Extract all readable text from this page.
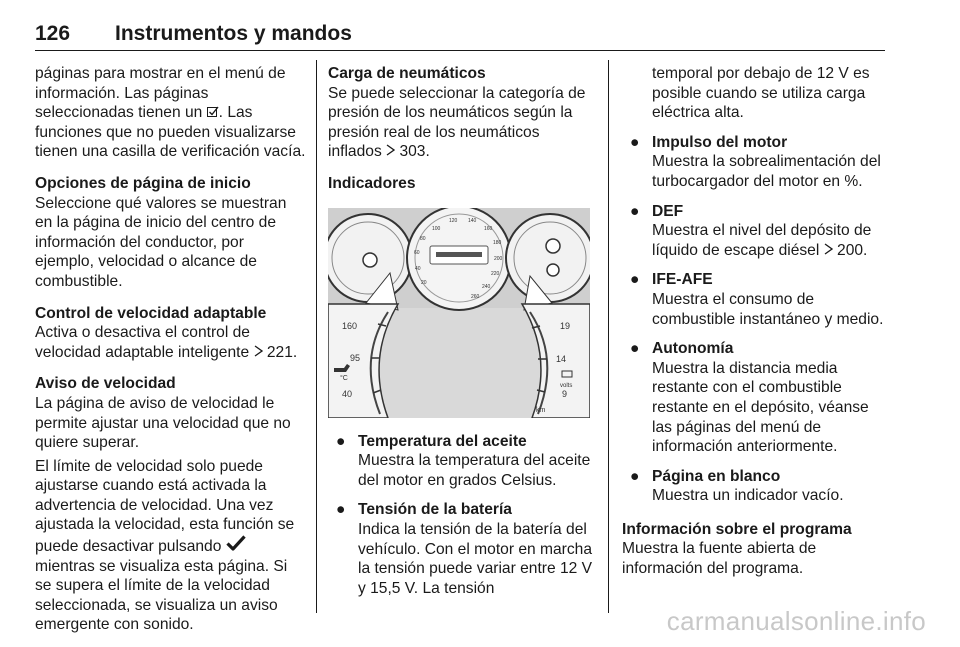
126 Instrumentos y mandos

páginas para mostrar en el menú de información. Las páginas seleccionadas tienen un . Las funciones que no pueden visualizarse tienen una casilla de verificación vacía.

Opciones de página de inicio
Seleccione qué valores se muestran en la página de inicio del centro de información del conductor, por ejemplo, velocidad o alcance de combustible.

Control de velocidad adaptable
Activa o desactiva el control de velocidad adaptable inteligente 221.

Aviso de velocidad
La página de aviso de velocidad le permite ajustar una velocidad que no quiere superar.

El límite de velocidad solo puede ajustarse cuando está activada la advertencia de velocidad. Una vez ajustada la velocidad, esta función se puede desactivar pulsando  mientras se visualiza esta página. Si se supera el límite de la velocidad seleccionada, se visualiza un aviso emergente con sonido.

Carga de neumáticos
Se puede seleccionar la categoría de presión de los neumáticos según la presión real de los neumáticos inflados 303.

Indicadores

100
120 140
160
180
200
220
240
260
80
60
40
20
160
95
40
°C
19
14
9
volts
km
● Temperatura del aceite
Muestra la temperatura del aceite del motor en grados Celsius.
● Tensión de la batería
Indica la tensión de la batería del vehículo. Con el motor en marcha la tensión puede variar entre 12 V y 15,5 V. La tensión
temporal por debajo de 12 V es posible cuando se utiliza carga eléctrica alta.
● Impulso del motor
Muestra la sobrealimentación del turbocargador del motor en %.
● DEF
Muestra el nivel del depósito de líquido de escape diésel 200.
● IFE-AFE
Muestra el consumo de combustible instantáneo y medio.
● Autonomía
Muestra la distancia media restante con el combustible restante en el depósito, véanse las páginas del menú de información anteriormente.
● Página en blanco
Muestra un indicador vacío.

Información sobre el programa
Muestra la fuente abierta de información del programa.

carmanualsonline.info
